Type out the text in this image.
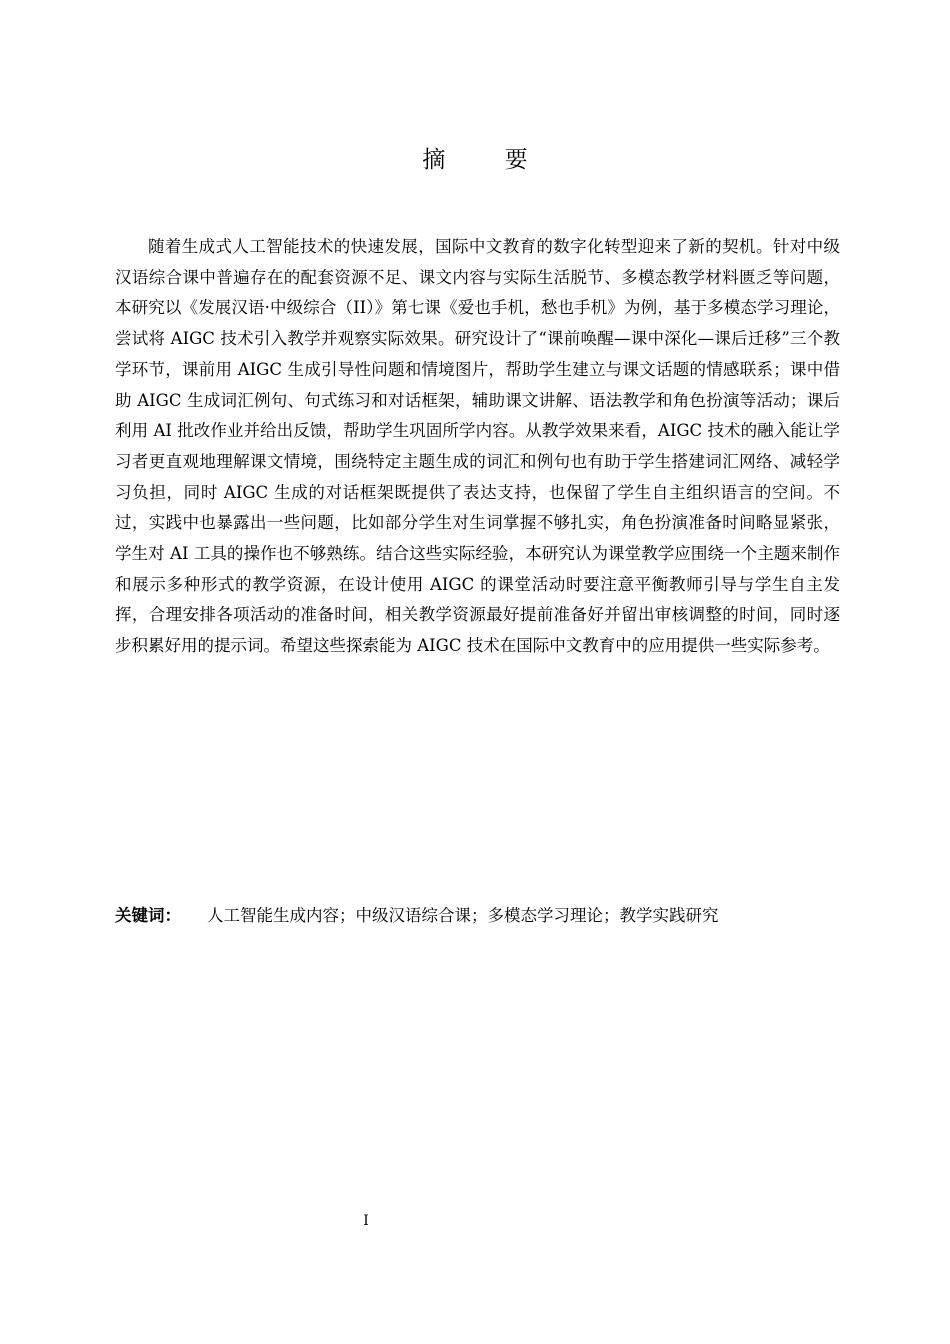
摘 要

随着生成式人工智能技术的快速发展，国际中文教育的数字化转型迎来了新的契机。针对中级汉语综合课中普遍存在的配套资源不足、课文内容与实际生活脱节、多模态教学材料匮乏等问题，本研究以《发展汉语·中级综合（II）》第七课《爱也手机，愁也手机》为例，基于多模态学习理论，尝试将 AIGC 技术引入教学并观察实际效果。研究设计了“课前唤醒—课中深化—课后迁移”三个教学环节，课前用 AIGC 生成引导性问题和情境图片，帮助学生建立与课文话题的情感联系；课中借助 AIGC 生成词汇例句、句式练习和对话框架，辅助课文讲解、语法教学和角色扮演等活动；课后利用 AI 批改作业并给出反馈，帮助学生巩固所学内容。从教学效果来看，AIGC 技术的融入能让学习者更直观地理解课文情境，围绕特定主题生成的词汇和例句也有助于学生搭建词汇网络、减轻学习负担，同时 AIGC 生成的对话框架既提供了表达支持，也保留了学生自主组织语言的空间。不过，实践中也暴露出一些问题，比如部分学生对生词掌握不够扎实，角色扮演准备时间略显紧张，学生对 AI 工具的操作也不够熟练。结合这些实际经验，本研究认为课堂教学应围绕一个主题来制作和展示多种形式的教学资源，在设计使用 AIGC 的课堂活动时要注意平衡教师引导与学生自主发挥，合理安排各项活动的准备时间，相关教学资源最好提前准备好并留出审核调整的时间，同时逐步积累好用的提示词。希望这些探索能为 AIGC 技术在国际中文教育中的应用提供一些实际参考。

关键词： 人工智能生成内容；中级汉语综合课；多模态学习理论；教学实践研究
I
